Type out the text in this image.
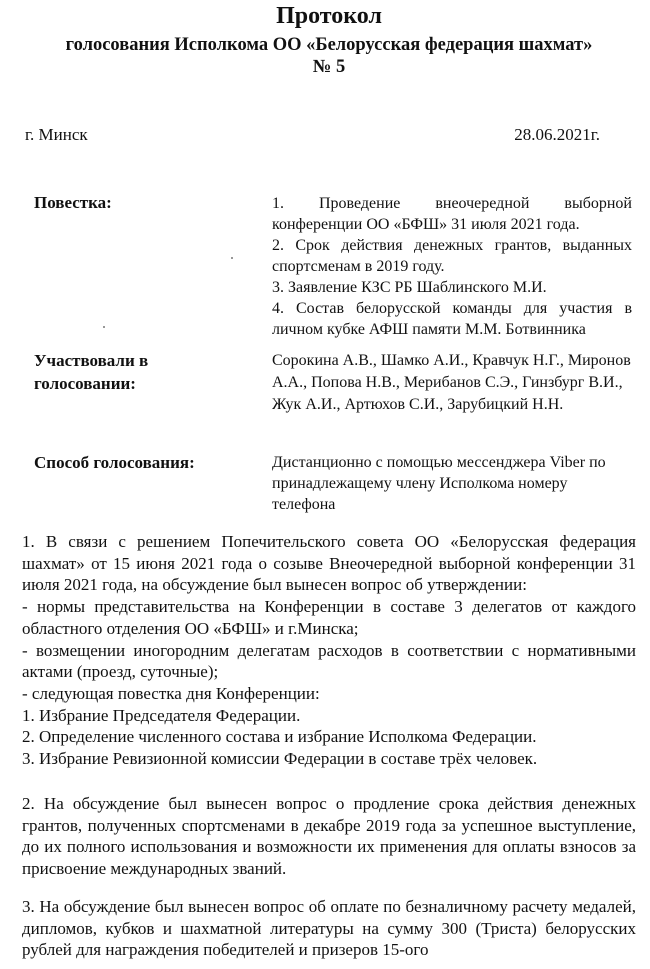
Протокол
голосования Исполкома ОО «Белорусская федерация шахмат»
№ 5

г. Минск	28.06.2021г.

Повестка:	1. Проведение внеочередной выборной конференции ОО «БФШ» 31 июля 2021 года.

2. Срок действия денежных грантов, выданных спортсменам в 2019 году.

3. Заявление КЗС РБ Шаблинского М.И.

4. Состав белорусской команды для участия в личном кубке АФШ памяти М.М. Ботвинника

Участвовали в голосовании:

Сорокина А.В., Шамко А.И., Кравчук Н.Г., Миронов А.А., Попова Н.В., Мерибанов С.Э., Гинзбург В.И., Жук А.И., Артюхов С.И., Зарубицкий Н.Н.

Способ голосования:	Дистанционно с помощью мессенджера Viber по принадлежащему члену Исполкома номеру телефона

1. В связи с решением Попечительского совета ОО «Белорусская федерация шахмат» от 15 июня 2021 года о созыве Внеочередной выборной конференции 31 июля 2021 года, на обсуждение был вынесен вопрос об утверждении:

- нормы представительства на Конференции в составе 3 делегатов от каждого областного отделения ОО «БФШ» и г.Минска;

- возмещении иногородним делегатам расходов в соответствии с нормативными актами (проезд, суточные);

- следующая повестка дня Конференции:

1. Избрание Председателя Федерации.

2. Определение численного состава и избрание Исполкома Федерации.

3. Избрание Ревизионной комиссии Федерации в составе трёх человек.

2. На обсуждение был вынесен вопрос о продление срока действия денежных грантов, полученных спортсменами в декабре 2019 года за успешное выступление, до их полного использования и возможности их применения для оплаты взносов за присвоение международных званий.

3. На обсуждение был вынесен вопрос об оплате по безналичному расчету медалей, дипломов, кубков и шахматной литературы на сумму 300 (Триста) белорусских рублей для награждения победителей и призеров 15-ого
